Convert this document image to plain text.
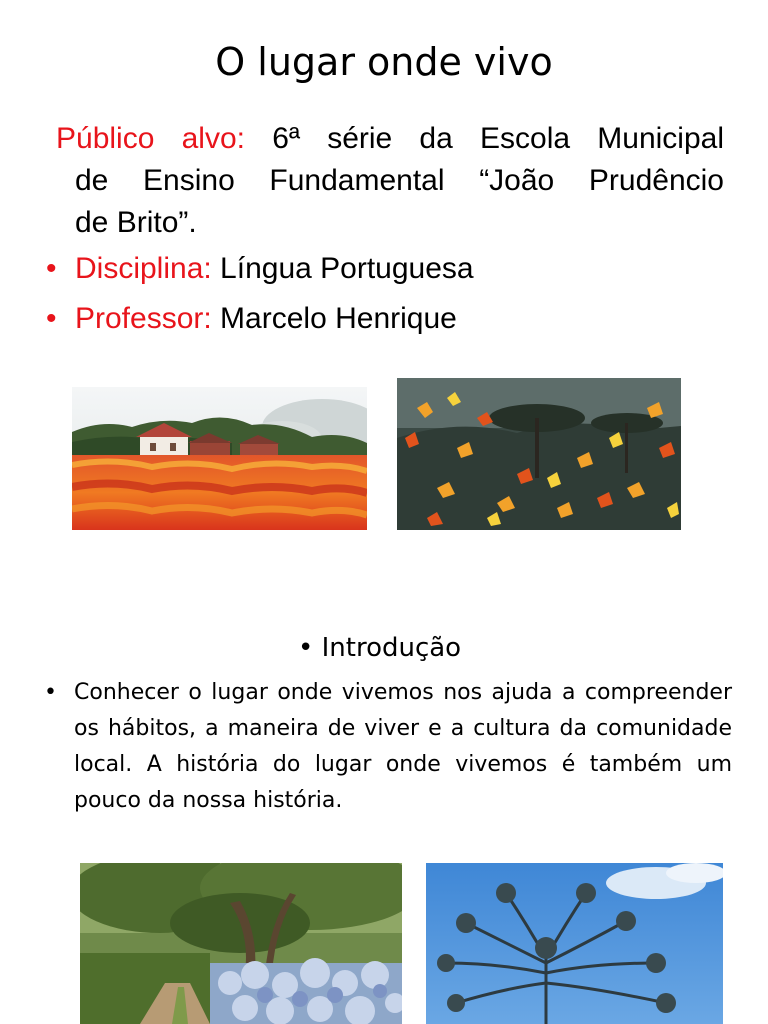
O lugar onde vivo
Público alvo: 6ª série da Escola Municipal
de Ensino Fundamental “João Prudêncio
de Brito”.
• Disciplina: Língua Portuguesa
• Professor: Marcelo Henrique
• Introdução
• Conhecer o lugar onde vivemos nos ajuda a compreender os hábitos, a maneira de viver e a cultura da comunidade local. A história do lugar onde vivemos é também um pouco da nossa história.
